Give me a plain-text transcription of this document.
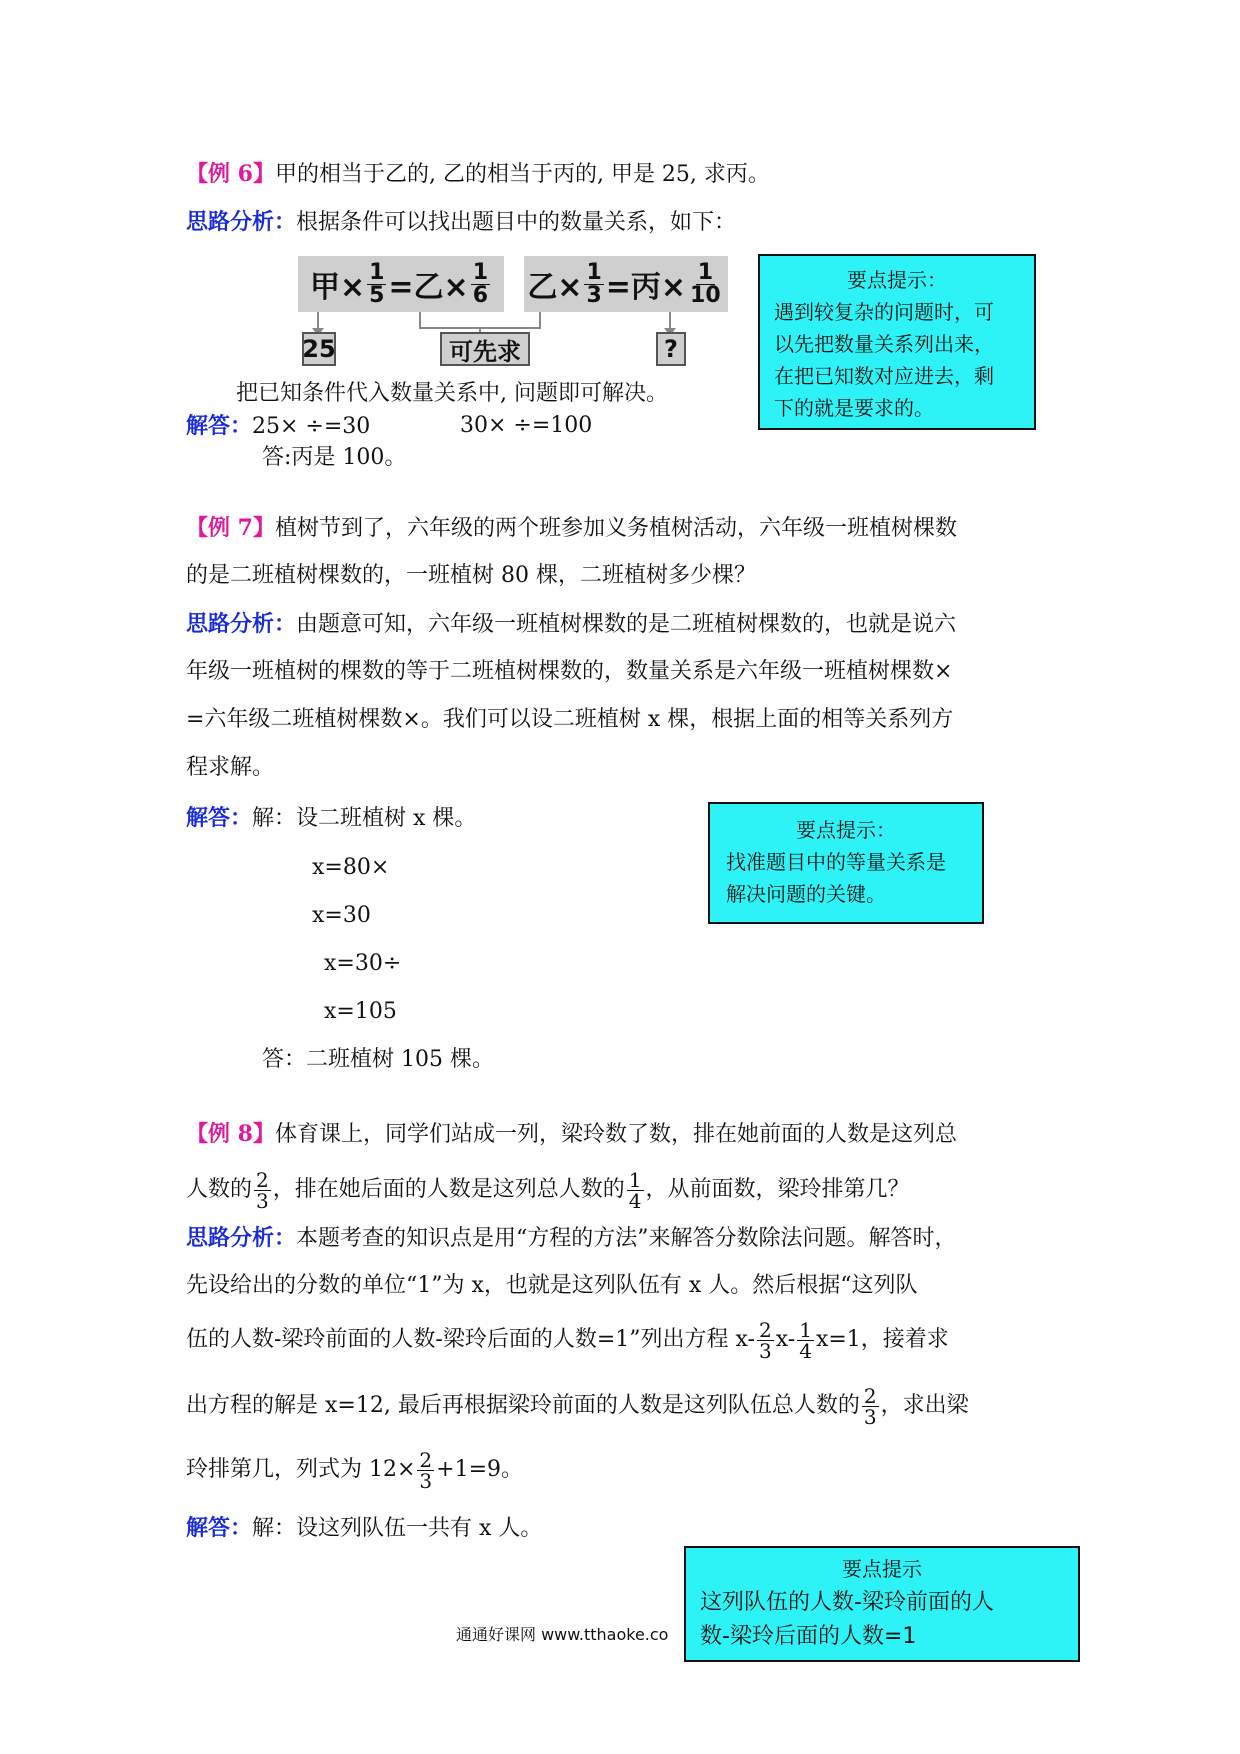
【例 6】甲的相当于乙的, 乙的相当于丙的, 甲是 25, 求丙。
思路分析：根据条件可以找出题目中的数量关系，如下：
甲× $\frac{1}{5}$ =乙× $\frac{1}{6}$ 乙× $\frac{1}{3}$ =丙× $\frac{1}{10}$
25	可先求	?
把已知条件代入数量关系中, 问题即可解决。
解答：25× ÷=30	30× ÷=100
答:丙是 100。
要点提示：
遇到较复杂的问题时，可
以先把数量关系列出来，
在把已知数对应进去，剩
下的就是要求的。
【例 7】植树节到了，六年级的两个班参加义务植树活动，六年级一班植树棵数
的是二班植树棵数的，一班植树 80 棵，二班植树多少棵？
思路分析：由题意可知，六年级一班植树棵数的是二班植树棵数的，也就是说六
年级一班植树的棵数的等于二班植树棵数的，数量关系是六年级一班植树棵数×
=六年级二班植树棵数×。我们可以设二班植树 x 棵，根据上面的相等关系列方
程求解。
解答：解：设二班植树 x 棵。
x=80×
x=30
x=30÷
x=105
答：二班植树 105 棵。
要点提示：
找准题目中的等量关系是
解决问题的关键。
【例 8】体育课上，同学们站成一列，梁玲数了数，排在她前面的人数是这列总
人数的 $\frac{2}{3}$ ，排在她后面的人数是这列总人数的 $\frac{1}{4}$ ，从前面数，梁玲排第几？
思路分析：本题考查的知识点是用“方程的方法”来解答分数除法问题。解答时，
先设给出的分数的单位“1”为 x，也就是这列队伍有 x 人。然后根据“这列队
伍的人数-梁玲前面的人数-梁玲后面的人数=1”列出方程 $x- \frac{2}{3} x- \frac{1}{4} x=1$，接着求
出方程的解是 x=12, 最后再根据梁玲前面的人数是这列队伍总人数的 $\frac{2}{3}$ ，求出梁
玲排第几，列式为 $12\times \frac{2}{3} +1=9$。
解答：解：设这列队伍一共有 x 人。
通通好课网 www.tthaoke.co
要点提示
这列队伍的人数-梁玲前面的人
数-梁玲后面的人数=1
